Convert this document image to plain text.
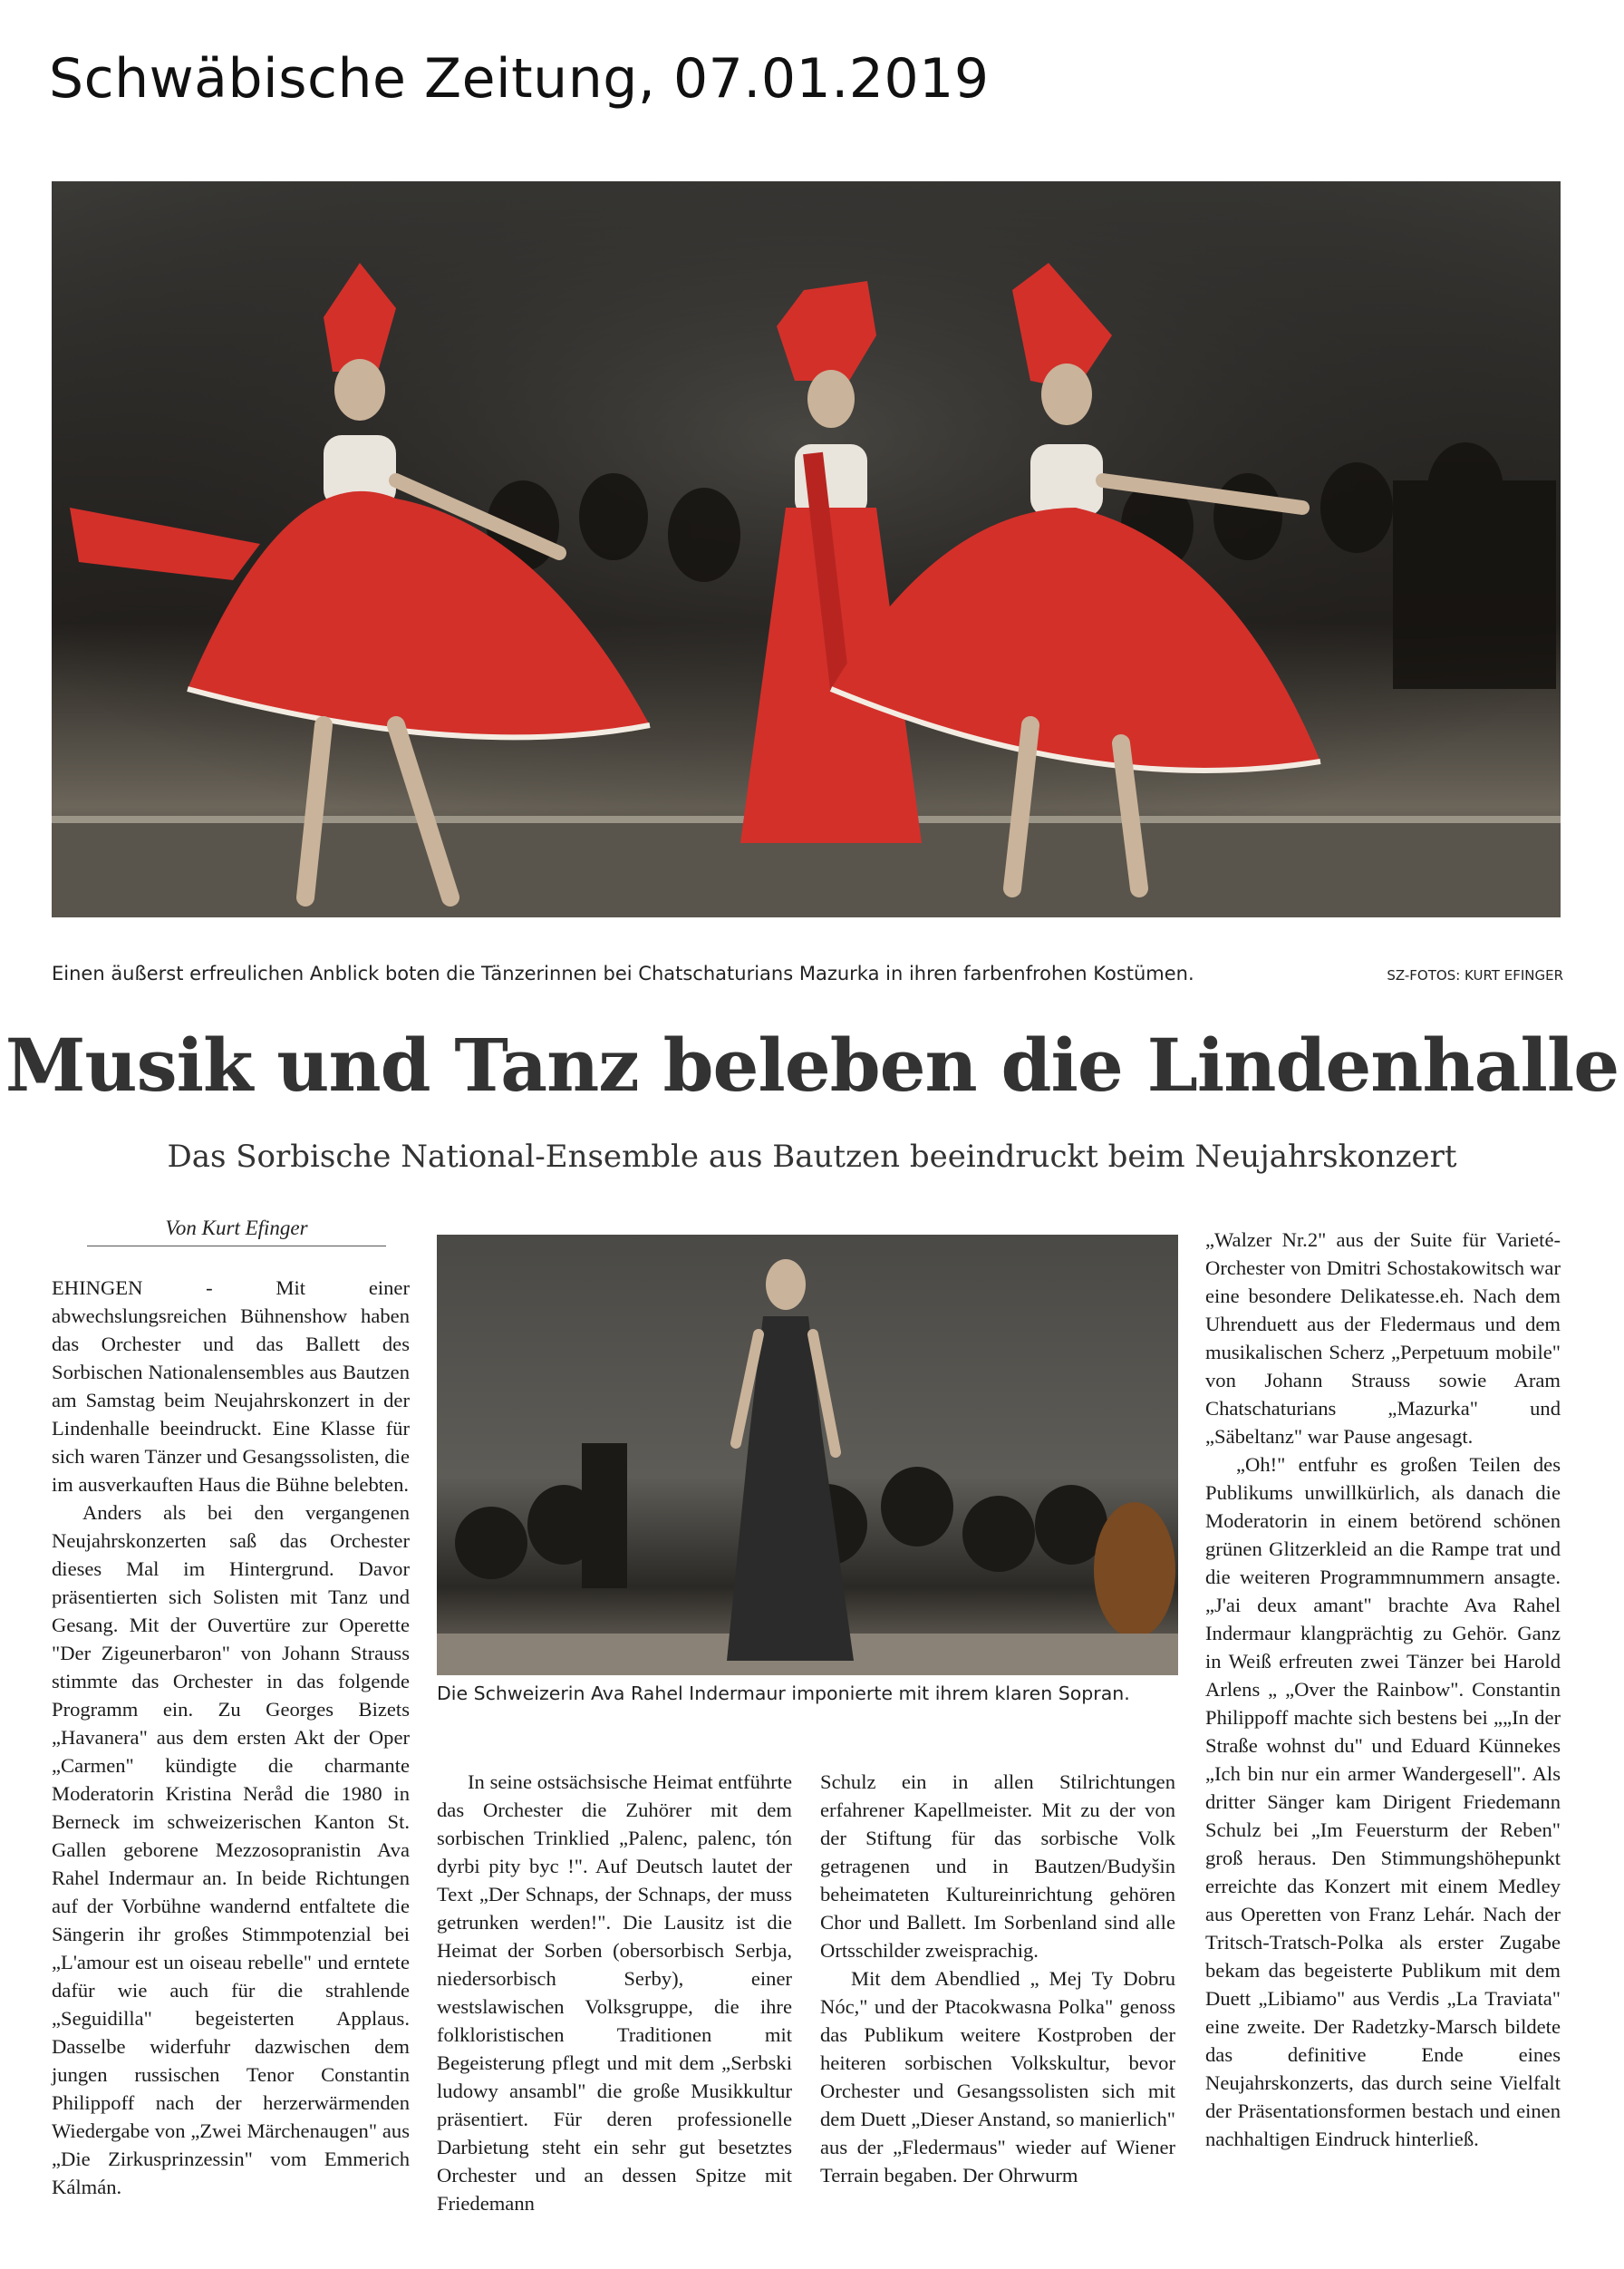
Schwäbische Zeitung, 07.01.2019
Einen äußerst erfreulichen Anblick boten die Tänzerinnen bei Chatschaturians Mazurka in ihren farbenfrohen Kostümen.	SZ-FOTOS: KURT EFINGER
Musik und Tanz beleben die Lindenhalle
Das Sorbische National-Ensemble aus Bautzen beeindruckt beim Neujahrskonzert
Von Kurt Efinger

EHINGEN - Mit einer abwechslungsreichen Bühnenshow haben das Orchester und das Ballett des Sorbischen Nationalensembles aus Bautzen am Samstag beim Neujahrskonzert in der Lindenhalle beeindruckt. Eine Klasse für sich waren Tänzer und Gesangssolisten, die im ausverkauften Haus die Bühne belebten.

Anders als bei den vergangenen Neujahrskonzerten saß das Orchester dieses Mal im Hintergrund. Davor präsentierten sich Solisten mit Tanz und Gesang. Mit der Ouvertüre zur Operette "Der Zigeunerbaron" von Johann Strauss stimmte das Orchester in das folgende Programm ein. Zu Georges Bizets „Havanera" aus dem ersten Akt der Oper „Carmen" kündigte die charmante Moderatorin Kristina Neråd die 1980 in Berneck im schweizerischen Kanton St. Gallen geborene Mezzosopranistin Ava Rahel Indermaur an. In beide Richtungen auf der Vorbühne wandernd entfaltete die Sängerin ihr großes Stimmpotenzial bei „L'amour est un oiseau rebelle" und erntete dafür wie auch für die strahlende „Seguidilla" begeisterten Applaus. Dasselbe widerfuhr dazwischen dem jungen russischen Tenor Constantin Philippoff nach der herzerwärmenden Wiedergabe von „Zwei Märchenaugen" aus „Die Zirkusprinzessin" vom Emmerich Kálmán.

Die Schweizerin Ava Rahel Indermaur imponierte mit ihrem klaren Sopran.

In seine ostsächsische Heimat entführte das Orchester die Zuhörer mit dem sorbischen Trinklied „Palenc, palenc, tón dyrbi pity byc !". Auf Deutsch lautet der Text „Der Schnaps, der Schnaps, der muss getrunken werden!". Die Lausitz ist die Heimat der Sorben (obersorbisch Serbja, niedersorbisch Serby), einer westslawischen Volksgruppe, die ihre folkloristischen Traditionen mit Begeisterung pflegt und mit dem „Serbski ludowy ansambl" die große Musikkultur präsentiert. Für deren professionelle Darbietung steht ein sehr gut besetztes Orchester und an dessen Spitze mit Friedemann

Schulz ein in allen Stilrichtungen erfahrener Kapellmeister. Mit zu der von der Stiftung für das sorbische Volk getragenen und in Bautzen/Budyšin beheimateten Kultureinrichtung gehören Chor und Ballett. Im Sorbenland sind alle Ortsschilder zweisprachig.

Mit dem Abendlied „ Mej Ty Dobru Nóc," und der Ptacokwasna Polka" genoss das Publikum weitere Kostproben der heiteren sorbischen Volkskultur, bevor Orchester und Gesangssolisten sich mit dem Duett „Dieser Anstand, so manierlich" aus der „Fledermaus" wieder auf Wiener Terrain begaben. Der Ohrwurm

„Walzer Nr.2" aus der Suite für Varieté-Orchester von Dmitri Schostakowitsch war eine besondere Delikatesse.eh. Nach dem Uhrenduett aus der Fledermaus und dem musikalischen Scherz „Perpetuum mobile" von Johann Strauss sowie Aram Chatschaturians „Mazurka" und „Säbeltanz" war Pause angesagt.

„Oh!" entfuhr es großen Teilen des Publikums unwillkürlich, als danach die Moderatorin in einem betörend schönen grünen Glitzerkleid an die Rampe trat und die weiteren Programmnummern ansagte. „J'ai deux amant" brachte Ava Rahel Indermaur klangprächtig zu Gehör. Ganz in Weiß erfreuten zwei Tänzer bei Harold Arlens „ „Over the Rainbow". Constantin Philippoff machte sich bestens bei „„In der Straße wohnst du" und Eduard Künnekes „Ich bin nur ein armer Wandergesell". Als dritter Sänger kam Dirigent Friedemann Schulz bei „Im Feuersturm der Reben" groß heraus. Den Stimmungshöhepunkt erreichte das Konzert mit einem Medley aus Operetten von Franz Lehár. Nach der Tritsch-Tratsch-Polka als erster Zugabe bekam das begeisterte Publikum mit dem Duett „Libiamo" aus Verdis „La Traviata" eine zweite. Der Radetzky-Marsch bildete das definitive Ende eines Neujahrskonzerts, das durch seine Vielfalt der Präsentationsformen bestach und einen nachhaltigen Eindruck hinterließ.
